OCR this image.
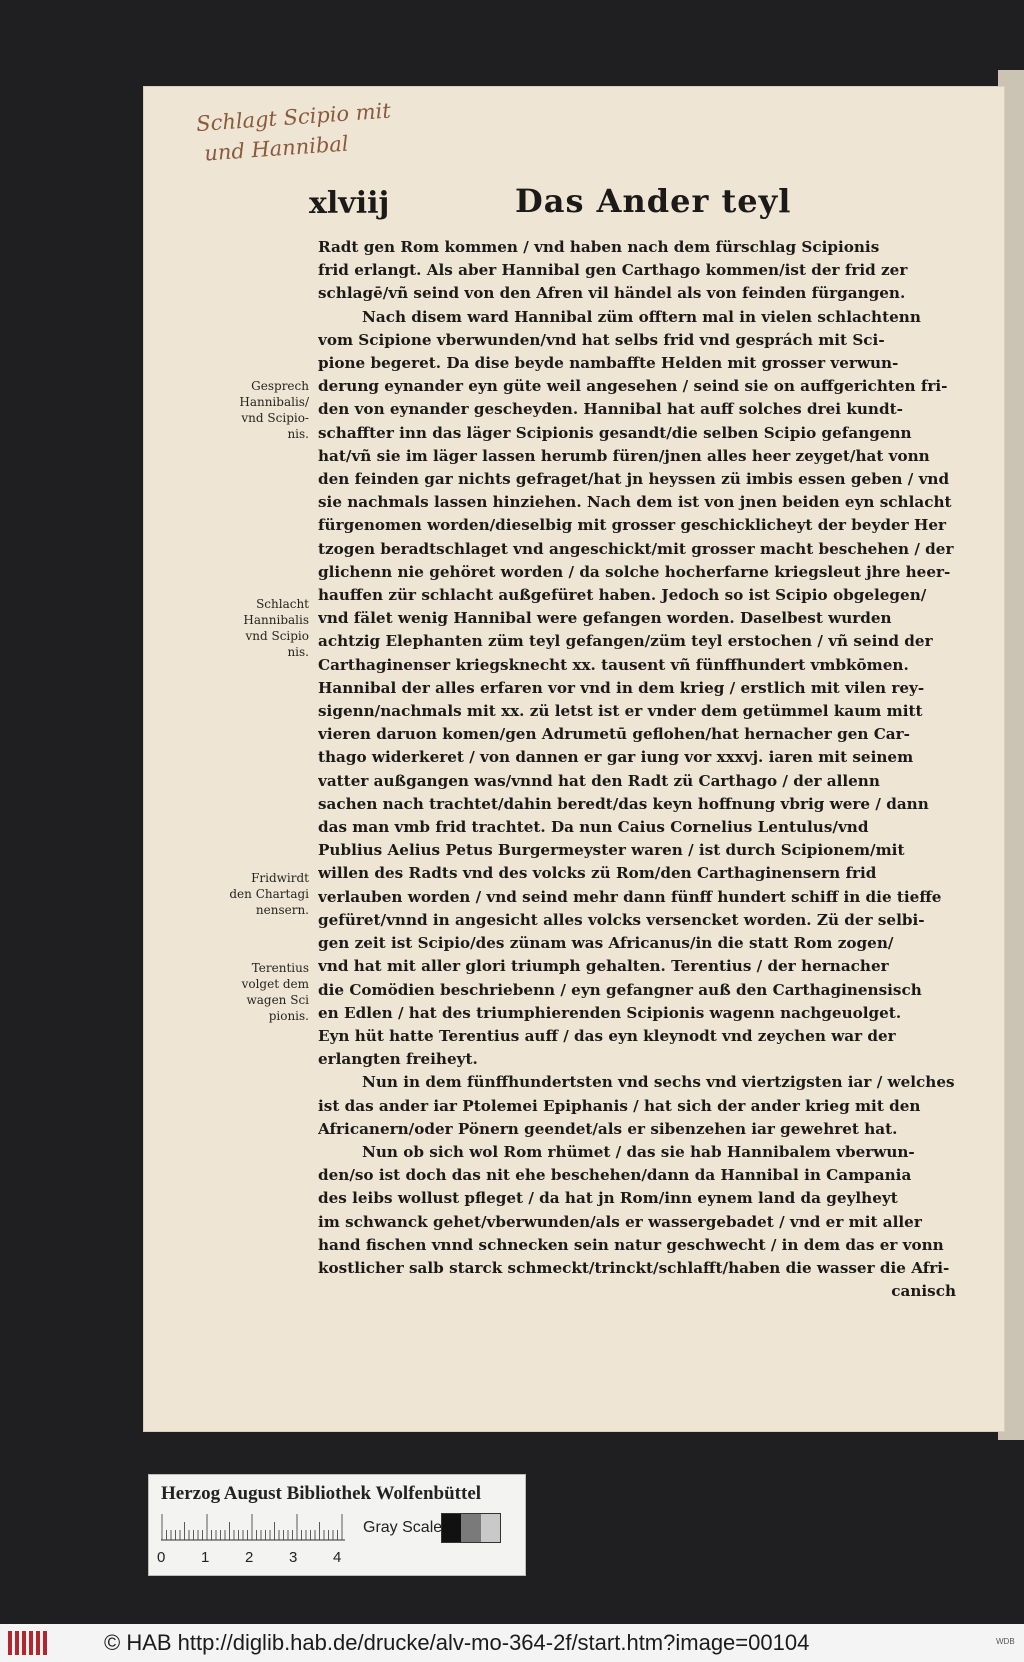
Schlagt Scipio mit
und Hannibal
xlviij	Das Ander teyl
Gesprech
Hannibalis/
vnd Scipio-
nis.
Schlacht
Hannibalis
vnd Scipio
nis.
Fridwirdt
den Chartagi
nensern.
Terentius
volget dem
wagen Sci
pionis.
Radt gen Rom kommen / vnd haben nach dem fürschlag Scipionis
frid erlangt. Als aber Hannibal gen Carthago kommen/ist der frid zer
schlagē/vñ seind von den Afren vil händel als von feinden fürgangen.
Nach disem ward Hannibal züm offtern mal in vielen schlachtenn
vom Scipione vberwunden/vnd hat selbs frid vnd gesprách mit Sci-
pione begeret. Da dise beyde nambaffte Helden mit grosser verwun-
derung eynander eyn güte weil angesehen / seind sie on auffgerichten fri-
den von eynander gescheyden. Hannibal hat auff solches drei kundt-
schaffter inn das läger Scipionis gesandt/die selben Scipio gefangenn
hat/vñ sie im läger lassen herumb füren/jnen alles heer zeyget/hat vonn
den feinden gar nichts gefraget/hat jn heyssen zü imbis essen geben / vnd
sie nachmals lassen hinziehen. Nach dem ist von jnen beiden eyn schlacht
fürgenomen worden/dieselbig mit grosser geschicklicheyt der beyder Her
tzogen beradtschlaget vnd angeschickt/mit grosser macht beschehen / der
glichenn nie gehöret worden / da solche hocherfarne kriegsleut jhre heer-
hauffen zür schlacht außgefüret haben. Jedoch so ist Scipio obgelegen/
vnd fälet wenig Hannibal were gefangen worden. Daselbest wurden
achtzig Elephanten züm teyl gefangen/züm teyl erstochen / vñ seind der
Carthaginenser kriegsknecht xx. tausent vñ fünffhundert vmbkōmen.
Hannibal der alles erfaren vor vnd in dem krieg / erstlich mit vilen rey-
sigenn/nachmals mit xx. zü letst ist er vnder dem getümmel kaum mitt
vieren daruon komen/gen Adrumetū geflohen/hat hernacher gen Car-
thago widerkeret / von dannen er gar iung vor xxxvj. iaren mit seinem
vatter außgangen was/vnnd hat den Radt zü Carthago / der allenn
sachen nach trachtet/dahin beredt/das keyn hoffnung vbrig were / dann
das man vmb frid trachtet. Da nun Caius Cornelius Lentulus/vnd
Publius Aelius Petus Burgermeyster waren / ist durch Scipionem/mit
willen des Radts vnd des volcks zü Rom/den Carthaginensern frid
verlauben worden / vnd seind mehr dann fünff hundert schiff in die tieffe
gefüret/vnnd in angesicht alles volcks versencket worden. Zü der selbi-
gen zeit ist Scipio/des zünam was Africanus/in die statt Rom zogen/
vnd hat mit aller glori triumph gehalten. Terentius / der hernacher
die Comödien beschriebenn / eyn gefangner auß den Carthaginensisch
en Edlen / hat des triumphierenden Scipionis wagenn nachgeuolget.
Eyn hüt hatte Terentius auff / das eyn kleynodt vnd zeychen war der
erlangten freiheyt.
Nun in dem fünffhundertsten vnd sechs vnd viertzigsten iar / welches
ist das ander iar Ptolemei Epiphanis / hat sich der ander krieg mit den
Africanern/oder Pönern geendet/als er sibenzehen iar gewehret hat.
Nun ob sich wol Rom rhümet / das sie hab Hannibalem vberwun-
den/so ist doch das nit ehe beschehen/dann da Hannibal in Campania
des leibs wollust pfleget / da hat jn Rom/inn eynem land da geylheyt
im schwanck gehet/vberwunden/als er wassergebadet / vnd er mit aller
hand fischen vnnd schnecken sein natur geschwecht / in dem das er vonn
kostlicher salb starck schmeckt/trinckt/schlafft/haben die wasser die Afri-
canisch
Herzog August Bibliothek Wolfenbüttel
0 1 2 3 4
Gray Scale
© HAB http://diglib.hab.de/drucke/alv-mo-364-2f/start.htm?image=00104	WDB
